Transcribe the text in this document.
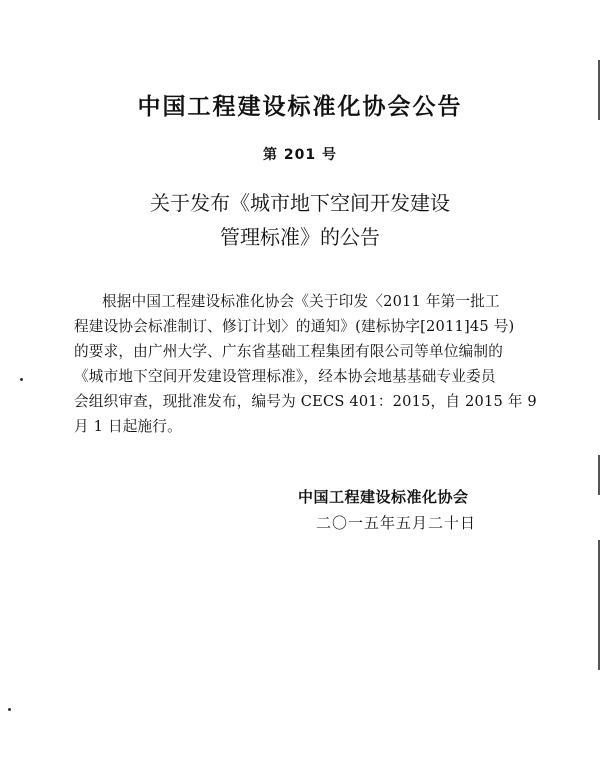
中国工程建设标准化协会公告
第 201 号
关于发布《城市地下空间开发建设
管理标准》的公告
根据中国工程建设标准化协会《关于印发〈2011 年第一批工
程建设协会标准制订、修订计划〉的通知》(建标协字[2011]45 号)
的要求，由广州大学、广东省基础工程集团有限公司等单位编制的
《城市地下空间开发建设管理标准》，经本协会地基基础专业委员
会组织审查，现批准发布，编号为 CECS 401：2015，自 2015 年 9
月 1 日起施行。
中国工程建设标准化协会
二〇一五年五月二十日
